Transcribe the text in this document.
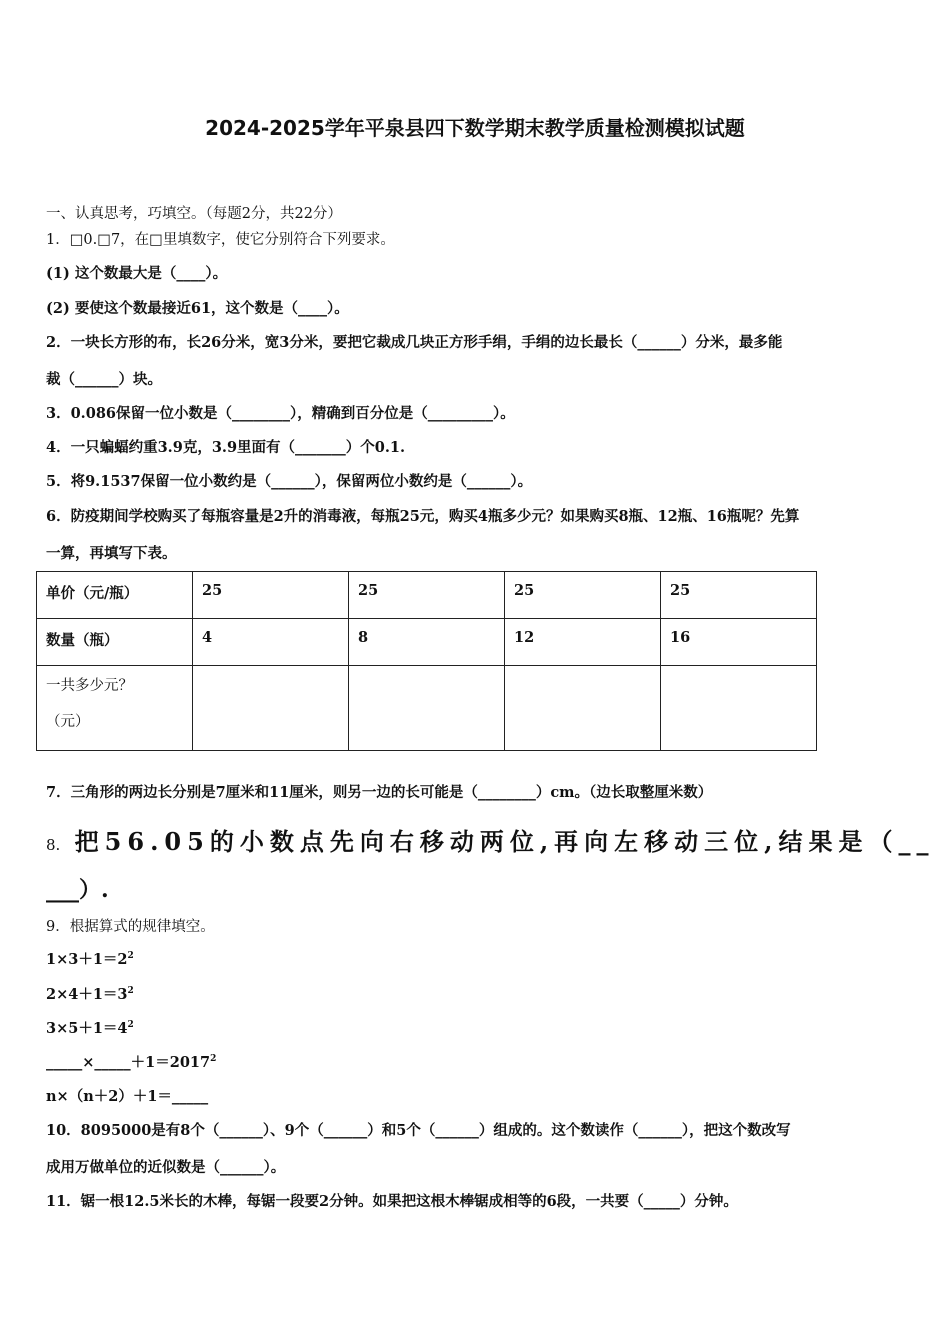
2024-2025学年平泉县四下数学期末教学质量检测模拟试题
一、认真思考，巧填空。（每题2分，共22分）
1．□0.□7，在□里填数字，使它分别符合下列要求。
(1) 这个数最大是（____）。
(2) 要使这个数最接近61，这个数是（____）。
2．一块长方形的布，长26分米，宽3分米，要把它裁成几块正方形手绢，手绢的边长最长（______）分米，最多能
裁（______）块。
3．0.086保留一位小数是（________），精确到百分位是（_________）。
4．一只蝙蝠约重3.9克，3.9里面有（_______）个0.1.
5．将9.1537保留一位小数约是（______），保留两位小数约是（______）。
6．防疫期间学校购买了每瓶容量是2升的消毒液，每瓶25元，购买4瓶多少元？如果购买8瓶、12瓶、16瓶呢？先算
一算，再填写下表。
单价（元/瓶）	25	25	25	25
数量（瓶）	4	8	12	16

一共多少元？
（元）				

7．三角形的两边长分别是7厘米和11厘米，则另一边的长可能是（________）cm。（边长取整厘米数）
8. 把56.05的小数点先向右移动两位,再向左移动三位,结果是（__
___）.
9．根据算式的规律填空。
$1\times 3+1=2^2$
$2\times 4+1=3^2$
$3\times 5+1=4^2$
$\_\_\_\_\_\times\_\_\_\_\_+1=2017^2$
n×（n＋2）＋1＝_____
10．8095000是有8个（______）、9个（______）和5个（______）组成的。这个数读作（______），把这个数改写
成用万做单位的近似数是（______）。
11．锯一根12.5米长的木棒，每锯一段要2分钟。如果把这根木棒锯成相等的6段，一共要（_____）分钟。
